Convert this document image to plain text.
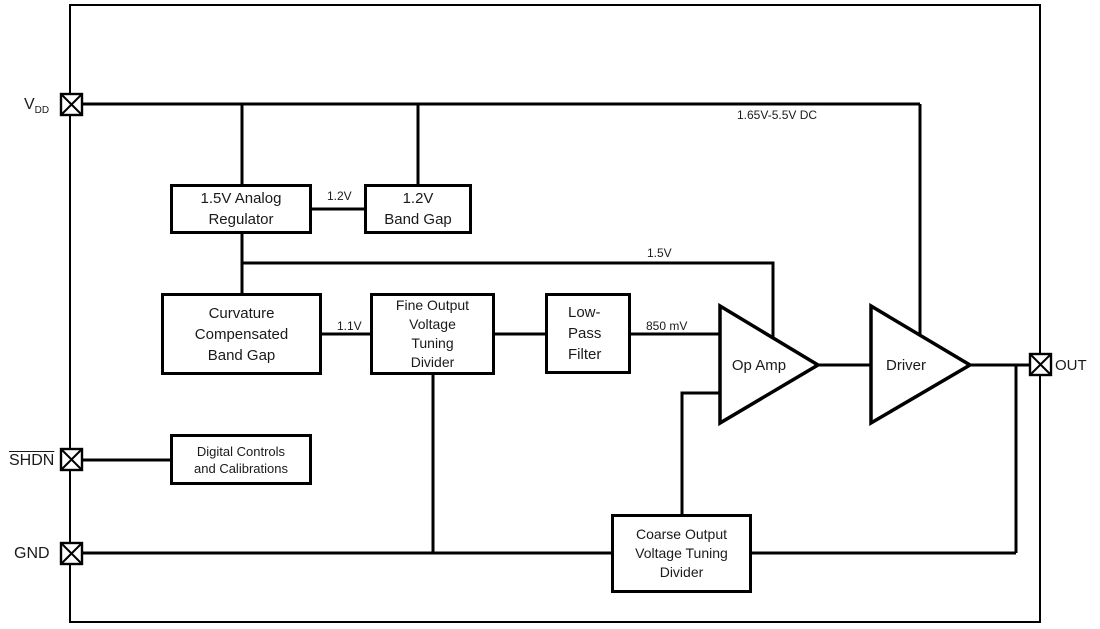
1.5V Analog
Regulator
1.2V
Band Gap
Curvature
Compensated
Band Gap
Fine Output
Voltage
Tuning
Divider
Low-
Pass
Filter
Digital Controls
and Calibrations
Coarse Output
Voltage Tuning
Divider
Op Amp	Driver
1.65V-5.5V DC
1.2V
1.5V
1.1V	850 mV
$V_{DD}$
SHDN
GND
OUT
